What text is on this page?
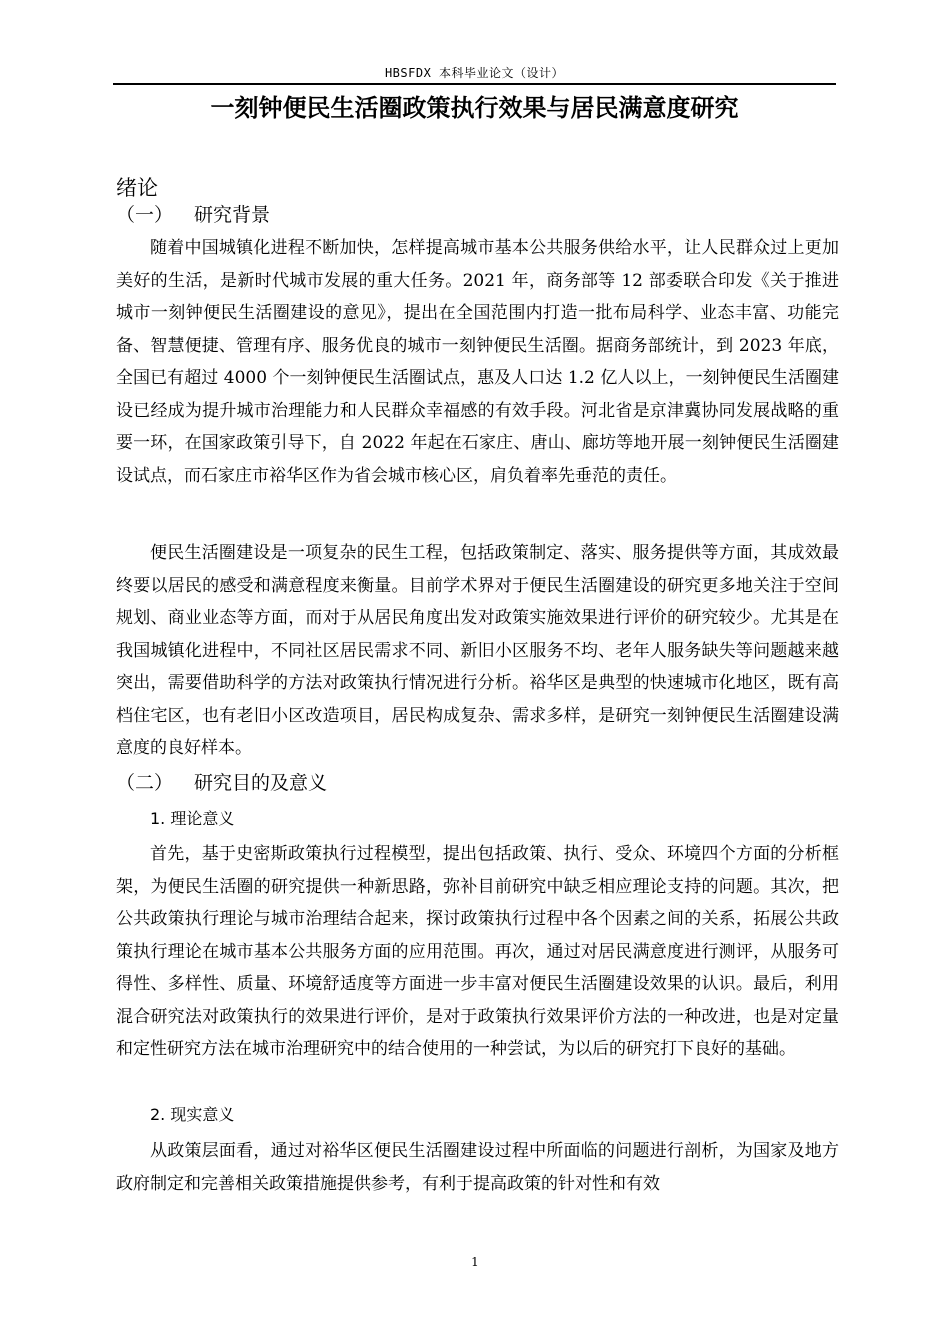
HBSFDX 本科毕业论文（设计）
一刻钟便民生活圈政策执行效果与居民满意度研究
绪论
（一） 研究背景

随着中国城镇化进程不断加快，怎样提高城市基本公共服务供给水平，让人民群众过上更加美好的生活，是新时代城市发展的重大任务。2021 年，商务部等 12 部委联合印发《关于推进城市一刻钟便民生活圈建设的意见》，提出在全国范围内打造一批布局科学、业态丰富、功能完备、智慧便捷、管理有序、服务优良的城市一刻钟便民生活圈。据商务部统计，到 2023 年底，全国已有超过 4000 个一刻钟便民生活圈试点，惠及人口达 1.2 亿人以上，一刻钟便民生活圈建设已经成为提升城市治理能力和人民群众幸福感的有效手段。河北省是京津冀协同发展战略的重要一环，在国家政策引导下，自 2022 年起在石家庄、唐山、廊坊等地开展一刻钟便民生活圈建设试点，而石家庄市裕华区作为省会城市核心区，肩负着率先垂范的责任。

便民生活圈建设是一项复杂的民生工程，包括政策制定、落实、服务提供等方面，其成效最终要以居民的感受和满意程度来衡量。目前学术界对于便民生活圈建设的研究更多地关注于空间规划、商业业态等方面，而对于从居民角度出发对政策实施效果进行评价的研究较少。尤其是在我国城镇化进程中，不同社区居民需求不同、新旧小区服务不均、老年人服务缺失等问题越来越突出，需要借助科学的方法对政策执行情况进行分析。裕华区是典型的快速城市化地区，既有高档住宅区，也有老旧小区改造项目，居民构成复杂、需求多样，是研究一刻钟便民生活圈建设满意度的良好样本。

（二） 研究目的及意义
1. 理论意义

首先，基于史密斯政策执行过程模型，提出包括政策、执行、受众、环境四个方面的分析框架，为便民生活圈的研究提供一种新思路，弥补目前研究中缺乏相应理论支持的问题。其次，把公共政策执行理论与城市治理结合起来，探讨政策执行过程中各个因素之间的关系，拓展公共政策执行理论在城市基本公共服务方面的应用范围。再次，通过对居民满意度进行测评，从服务可得性、多样性、质量、环境舒适度等方面进一步丰富对便民生活圈建设效果的认识。最后，利用混合研究法对政策执行的效果进行评价，是对于政策执行效果评价方法的一种改进，也是对定量和定性研究方法在城市治理研究中的结合使用的一种尝试，为以后的研究打下良好的基础。

2. 现实意义

从政策层面看，通过对裕华区便民生活圈建设过程中所面临的问题进行剖析，为国家及地方政府制定和完善相关政策措施提供参考，有利于提高政策的针对性和有效

1
